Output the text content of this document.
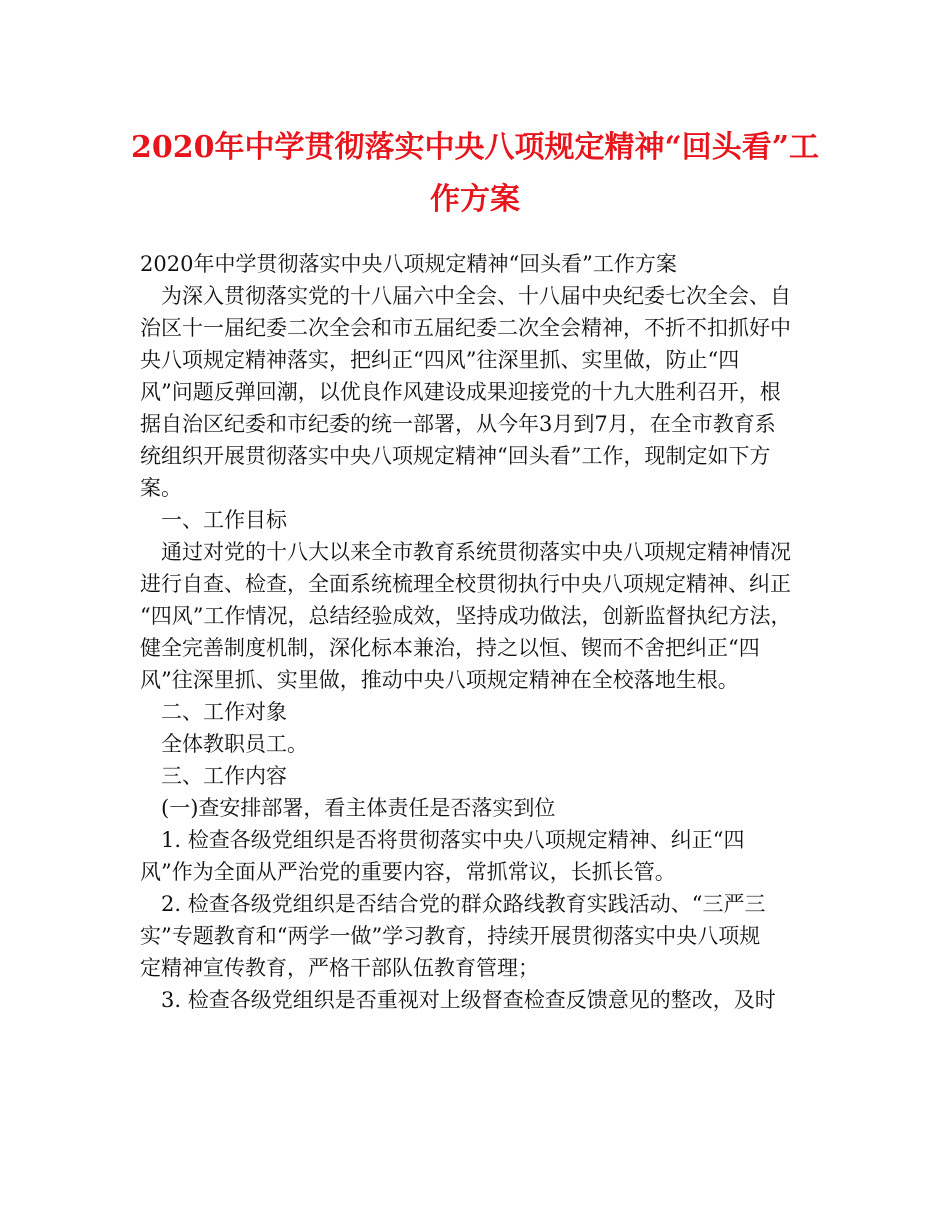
2020年中学贯彻落实中央八项规定精神“回头看”工
作方案

2020年中学贯彻落实中央八项规定精神“回头看”工作方案

为深入贯彻落实党的十八届六中全会、十八届中央纪委七次全会、自

治区十一届纪委二次全会和市五届纪委二次全会精神，不折不扣抓好中

央八项规定精神落实，把纠正“四风”往深里抓、实里做，防止“四

风”问题反弹回潮，以优良作风建设成果迎接党的十九大胜利召开，根

据自治区纪委和市纪委的统一部署，从今年3月到7月，在全市教育系

统组织开展贯彻落实中央八项规定精神“回头看”工作，现制定如下方

案。

一、工作目标

通过对党的十八大以来全市教育系统贯彻落实中央八项规定精神情况

进行自查、检查，全面系统梳理全校贯彻执行中央八项规定精神、纠正

“四风”工作情况，总结经验成效，坚持成功做法，创新监督执纪方法，

健全完善制度机制，深化标本兼治，持之以恒、锲而不舍把纠正“四

风”往深里抓、实里做，推动中央八项规定精神在全校落地生根。

二、工作对象

全体教职员工。

三、工作内容

(一)查安排部署，看主体责任是否落实到位

1. 检查各级党组织是否将贯彻落实中央八项规定精神、纠正“四

风”作为全面从严治党的重要内容，常抓常议，长抓长管。

2. 检查各级党组织是否结合党的群众路线教育实践活动、“三严三

实”专题教育和“两学一做”学习教育，持续开展贯彻落实中央八项规

定精神宣传教育，严格干部队伍教育管理；

3. 检查各级党组织是否重视对上级督查检查反馈意见的整改，及时
